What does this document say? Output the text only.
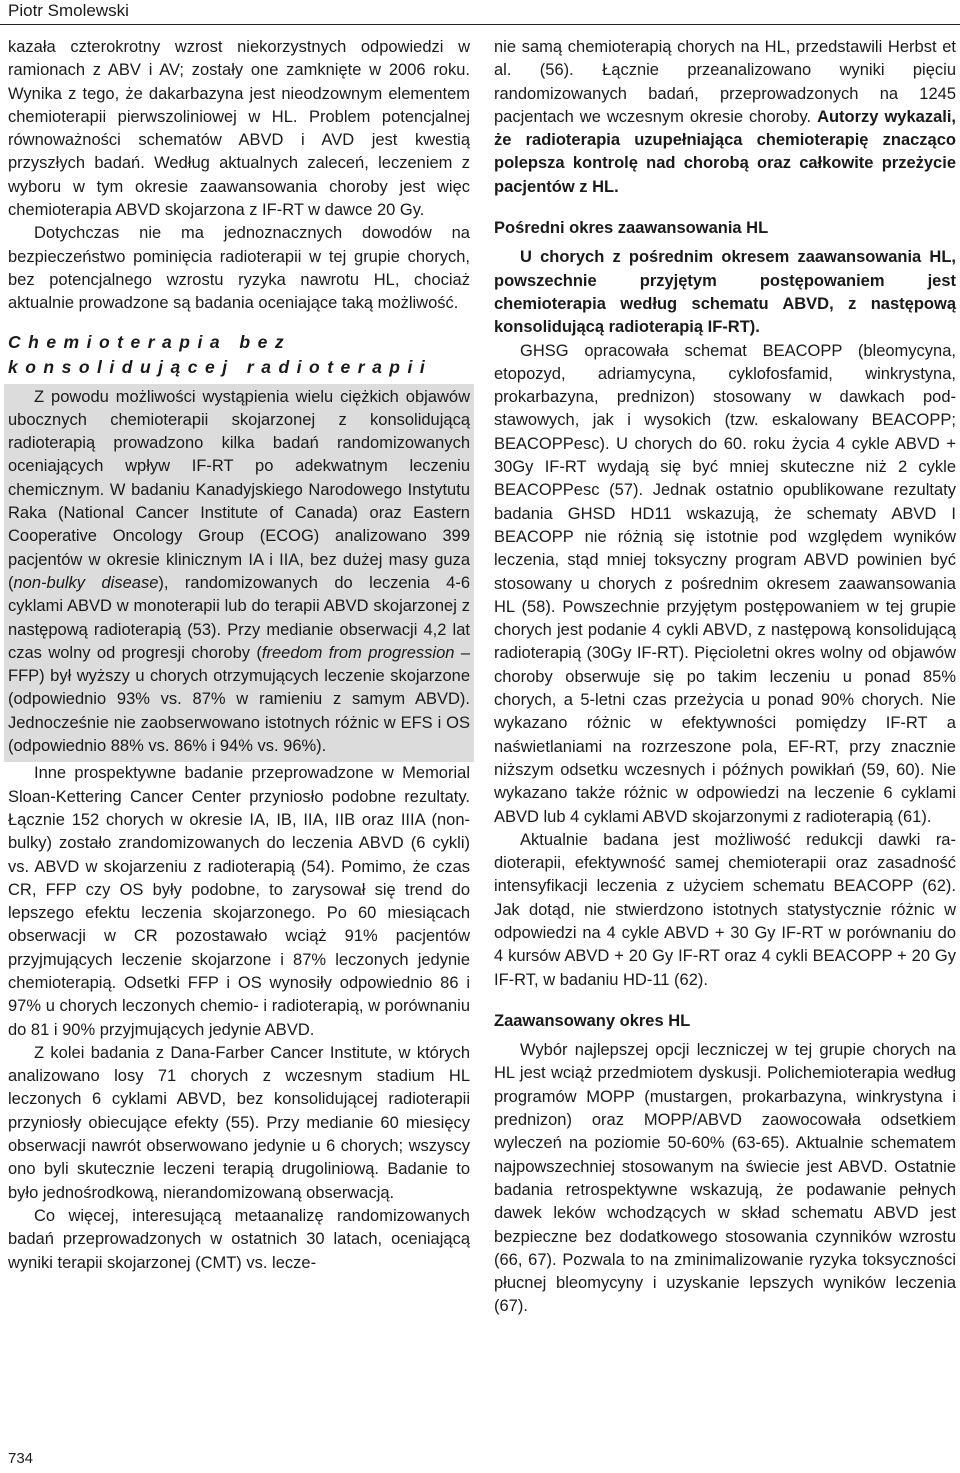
Piotr Smolewski

kazała czterokrotny wzrost niekorzystnych odpowiedzi w ramionach z ABV i AV; zostały one zamknięte w 2006 roku. Wynika z tego, że dakarbazyna jest nieodzownym elementem chemioterapii pierwszoliniowej w HL. Problem potencjalnej równoważności schematów ABVD i AVD jest kwestią przyszłych badań. Według aktualnych zaleceń, leczeniem z wyboru w tym okresie zaawansowania choroby jest więc chemioterapia ABVD skojarzona z IF-RT w dawce 20 Gy.

Dotychczas nie ma jednoznacznych dowodów na bezpieczeństwo pominięcia radioterapii w tej grupie chorych, bez potencjalnego wzrostu ryzyka nawrotu HL, chociaż aktualnie prowadzone są badania oceniające taką możliwość.

Chemioterapia bez konsolidującej radioterapii

Z powodu możliwości wystąpienia wielu ciężkich objawów ubocznych chemioterapii skojarzonej z konsolidującą radioterapią prowadzono kilka badań randomizowanych oceniających wpływ IF-RT po adekwatnym leczeniu chemicznym. W badaniu Kanadyjskiego Narodowego Instytutu Raka (National Cancer Institute of Canada) oraz Eastern Cooperative Oncology Group (ECOG) analizowano 399 pacjentów w okresie klinicznym IA i IIA, bez dużej masy guza (non-bulky disease), randomizowanych do leczenia 4-6 cyklami ABVD w monoterapii lub do terapii ABVD skojarzonej z następową radioterapią (53). Przy medianie obserwacji 4,2 lat czas wolny od progresji choroby (freedom from progression – FFP) był wyższy u chorych otrzymujących leczenie skojarzone (odpowiednio 93% vs. 87% w ramieniu z samym ABVD). Jednocześnie nie zaobserwowano istotnych różnic w EFS i OS (odpowiednio 88% vs. 86% i 94% vs. 96%).

Inne prospektywne badanie przeprowadzone w Memorial Sloan-Kettering Cancer Center przyniosło podobne rezultaty. Łącznie 152 chorych w okresie IA, IB, IIA, IIB oraz IIIA (non-bulky) zostało zrandomizowanych do leczenia ABVD (6 cykli) vs. ABVD w skojarzeniu z radioterapią (54). Pomimo, że czas CR, FFP czy OS były podobne, to zarysował się trend do lepszego efektu leczenia skojarzonego. Po 60 miesiącach obserwacji w CR pozostawało wciąż 91% pacjentów przyjmujących leczenie skojarzone i 87% leczonych jedynie chemioterapią. Odsetki FFP i OS wynosiły odpowiednio 86 i 97% u chorych leczonych chemio- i radioterapią, w porównaniu do 81 i 90% przyjmujących jedynie ABVD.

Z kolei badania z Dana-Farber Cancer Institute, w których analizowano losy 71 chorych z wczesnym stadium HL leczonych 6 cyklami ABVD, bez konsolidującej radioterapii przyniosły obiecujące efekty (55). Przy medianie 60 miesięcy obserwacji nawrót obserwowano jedynie u 6 chorych; wszyscy ono byli skutecznie leczeni terapią drugoliniową. Badanie to było jednośrodkową, nierandomizowaną obserwacją.

Co więcej, interesującą metaanalizę randomizowanych badań przeprowadzonych w ostatnich 30 latach, oceniającą wyniki terapii skojarzonej (CMT) vs. lecze-

nie samą chemioterapią chorych na HL, przedstawili Herbst et al. (56). Łącznie przeanalizowano wyniki pięciu randomizowanych badań, przeprowadzonych na 1245 pacjentach we wczesnym okresie choroby. Autorzy wykazali, że radioterapia uzupełniająca chemioterapię znacząco polepsza kontrolę nad chorobą oraz całkowite przeżycie pacjentów z HL.

Pośredni okres zaawansowania HL

U chorych z pośrednim okresem zaawansowania HL, powszechnie przyjętym postępowaniem jest chemioterapia według schematu ABVD, z następową konsolidującą radioterapią IF-RT).

GHSG opracowała schemat BEACOPP (bleomycyna, etopozyd, adriamycyna, cyklofosfamid, winkrystyna, prokarbazyna, prednizon) stosowany w dawkach podstawowych, jak i wysokich (tzw. eskalowany BEACOPP; BEACOPPesc). U chorych do 60. roku życia 4 cykle ABVD + 30Gy IF-RT wydają się być mniej skuteczne niż 2 cykle BEACOPPesc (57). Jednak ostatnio opublikowane rezultaty badania GHSD HD11 wskazują, że schematy ABVD I BEACOPP nie różnią się istotnie pod względem wyników leczenia, stąd mniej toksyczny program ABVD powinien być stosowany u chorych z pośrednim okresem zaawansowania HL (58). Powszechnie przyjętym postępowaniem w tej grupie chorych jest podanie 4 cykli ABVD, z następową konsolidującą radioterapią (30Gy IF-RT). Pięcioletni okres wolny od objawów choroby obserwuje się po takim leczeniu u ponad 85% chorych, a 5-letni czas przeżycia u ponad 90% chorych. Nie wykazano różnic w efektywności pomiędzy IF-RT a naświetlaniami na rozrzeszone pola, EF-RT, przy znacznie niższym odsetku wczesnych i późnych powikłań (59, 60). Nie wykazano także różnic w odpowiedzi na leczenie 6 cyklami ABVD lub 4 cyklami ABVD skojarzonymi z radioterapią (61).

Aktualnie badana jest możliwość redukcji dawki radioterapii, efektywność samej chemioterapii oraz zasadność intensyfikacji leczenia z użyciem schematu BEACOPP (62). Jak dotąd, nie stwierdzono istotnych statystycznie różnic w odpowiedzi na 4 cykle ABVD + 30 Gy IF-RT w porównaniu do 4 kursów ABVD + 20 Gy IF-RT oraz 4 cykli BEACOPP + 20 Gy IF-RT, w badaniu HD-11 (62).

Zaawansowany okres HL

Wybór najlepszej opcji leczniczej w tej grupie chorych na HL jest wciąż przedmiotem dyskusji. Polichemioterapia według programów MOPP (mustargen, prokarbazyna, winkrystyna i prednizon) oraz MOPP/ABVD zaowocowała odsetkiem wyleczeń na poziomie 50-60% (63-65). Aktualnie schematem najpowszechniej stosowanym na świecie jest ABVD. Ostatnie badania retrospektywne wskazują, że podawanie pełnych dawek leków wchodzących w skład schematu ABVD jest bezpieczne bez dodatkowego stosowania czynników wzrostu (66, 67). Pozwala to na zminimalizowanie ryzyka toksyczności płucnej bleomycyny i uzyskanie lepszych wyników leczenia (67).

734
